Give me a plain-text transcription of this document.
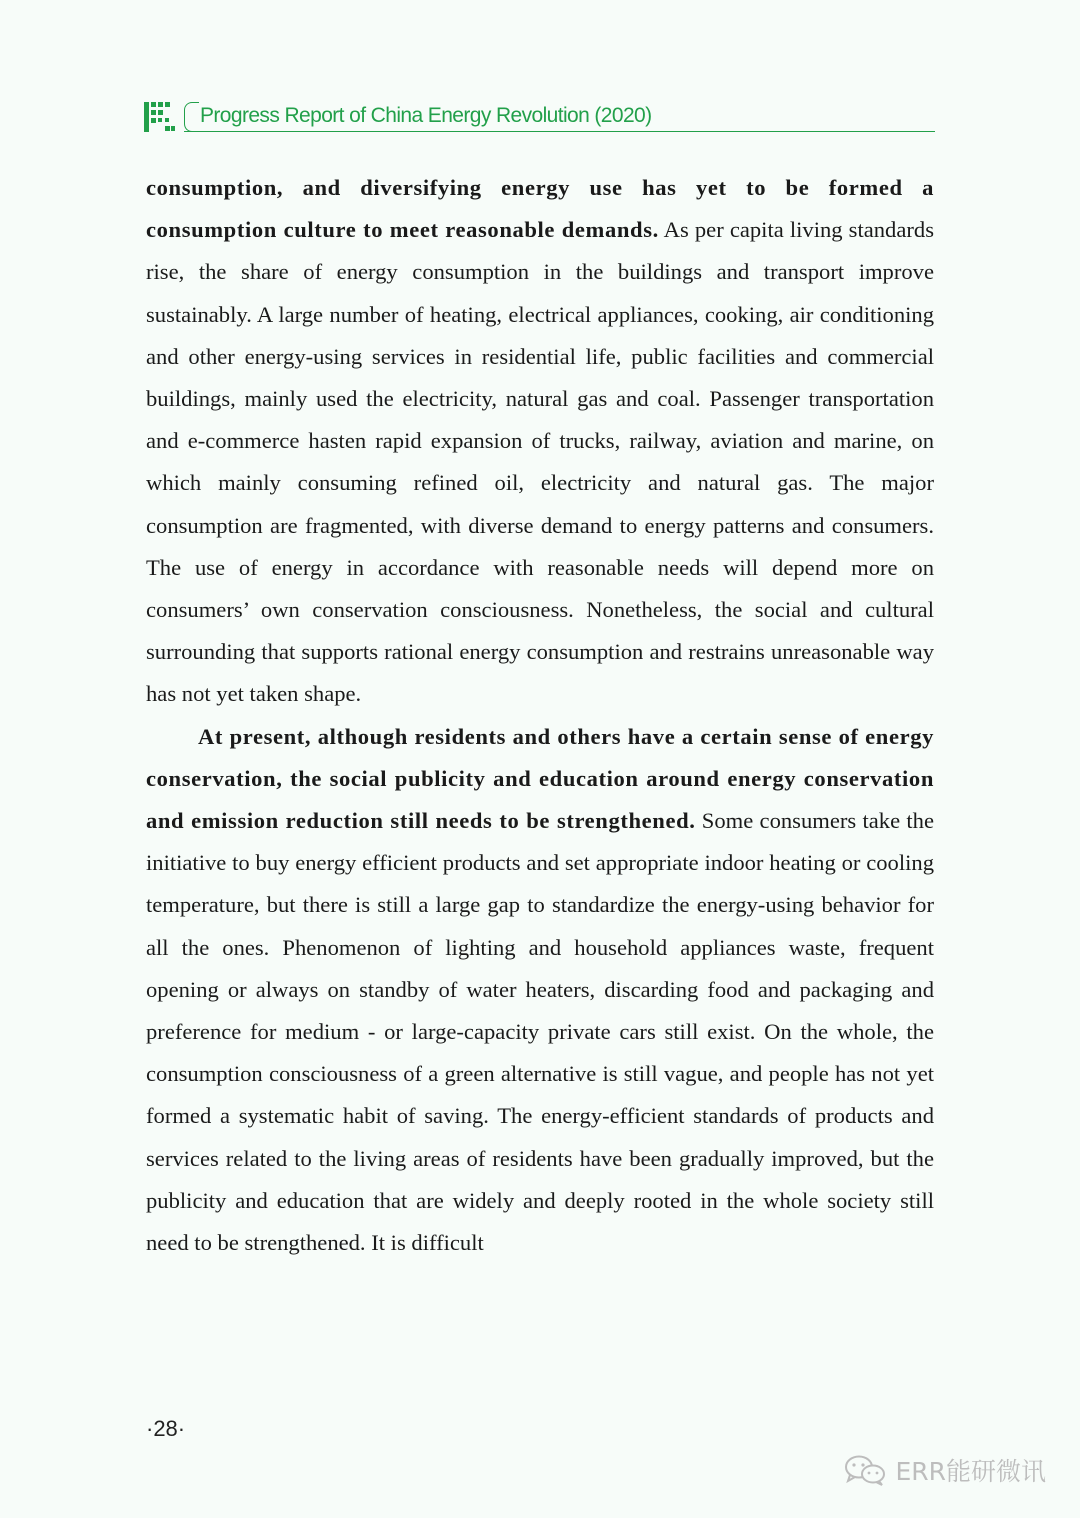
Progress Report of China Energy Revolution (2020)

consumption, and diversifying energy use has yet to be formed a consumption culture to meet reasonable demands. As per capita living standards rise, the share of energy consumption in the buildings and transport improve sustainably. A large number of heating, electrical appliances, cooking, air conditioning and other energy-using services in residential life, public facilities and commercial buildings, mainly used the electricity, natural gas and coal. Passenger transportation and e-commerce hasten rapid expansion of trucks, railway, aviation and marine, on which mainly consuming refined oil, electricity and natural gas. The major consumption are fragmented, with diverse demand to energy patterns and consumers. The use of energy in accordance with reasonable needs will depend more on consumers’ own conservation consciousness. Nonetheless, the social and cultural surrounding that supports rational energy consumption and restrains unreasonable way has not yet taken shape.

At present, although residents and others have a certain sense of energy conservation, the social publicity and education around energy conservation and emission reduction still needs to be strengthened. Some consumers take the initiative to buy energy efficient products and set appropriate indoor heating or cooling temperature, but there is still a large gap to standardize the energy-using behavior for all the ones. Phenomenon of lighting and household appliances waste, frequent opening or always on standby of water heaters, discarding food and packaging and preference for medium - or large-capacity private cars still exist. On the whole, the consumption consciousness of a green alternative is still vague, and people has not yet formed a systematic habit of saving. The energy-efficient standards of products and services related to the living areas of residents have been gradually improved, but the publicity and education that are widely and deeply rooted in the whole society still need to be strengthened. It is difficult

·28·
ERR能研微讯
